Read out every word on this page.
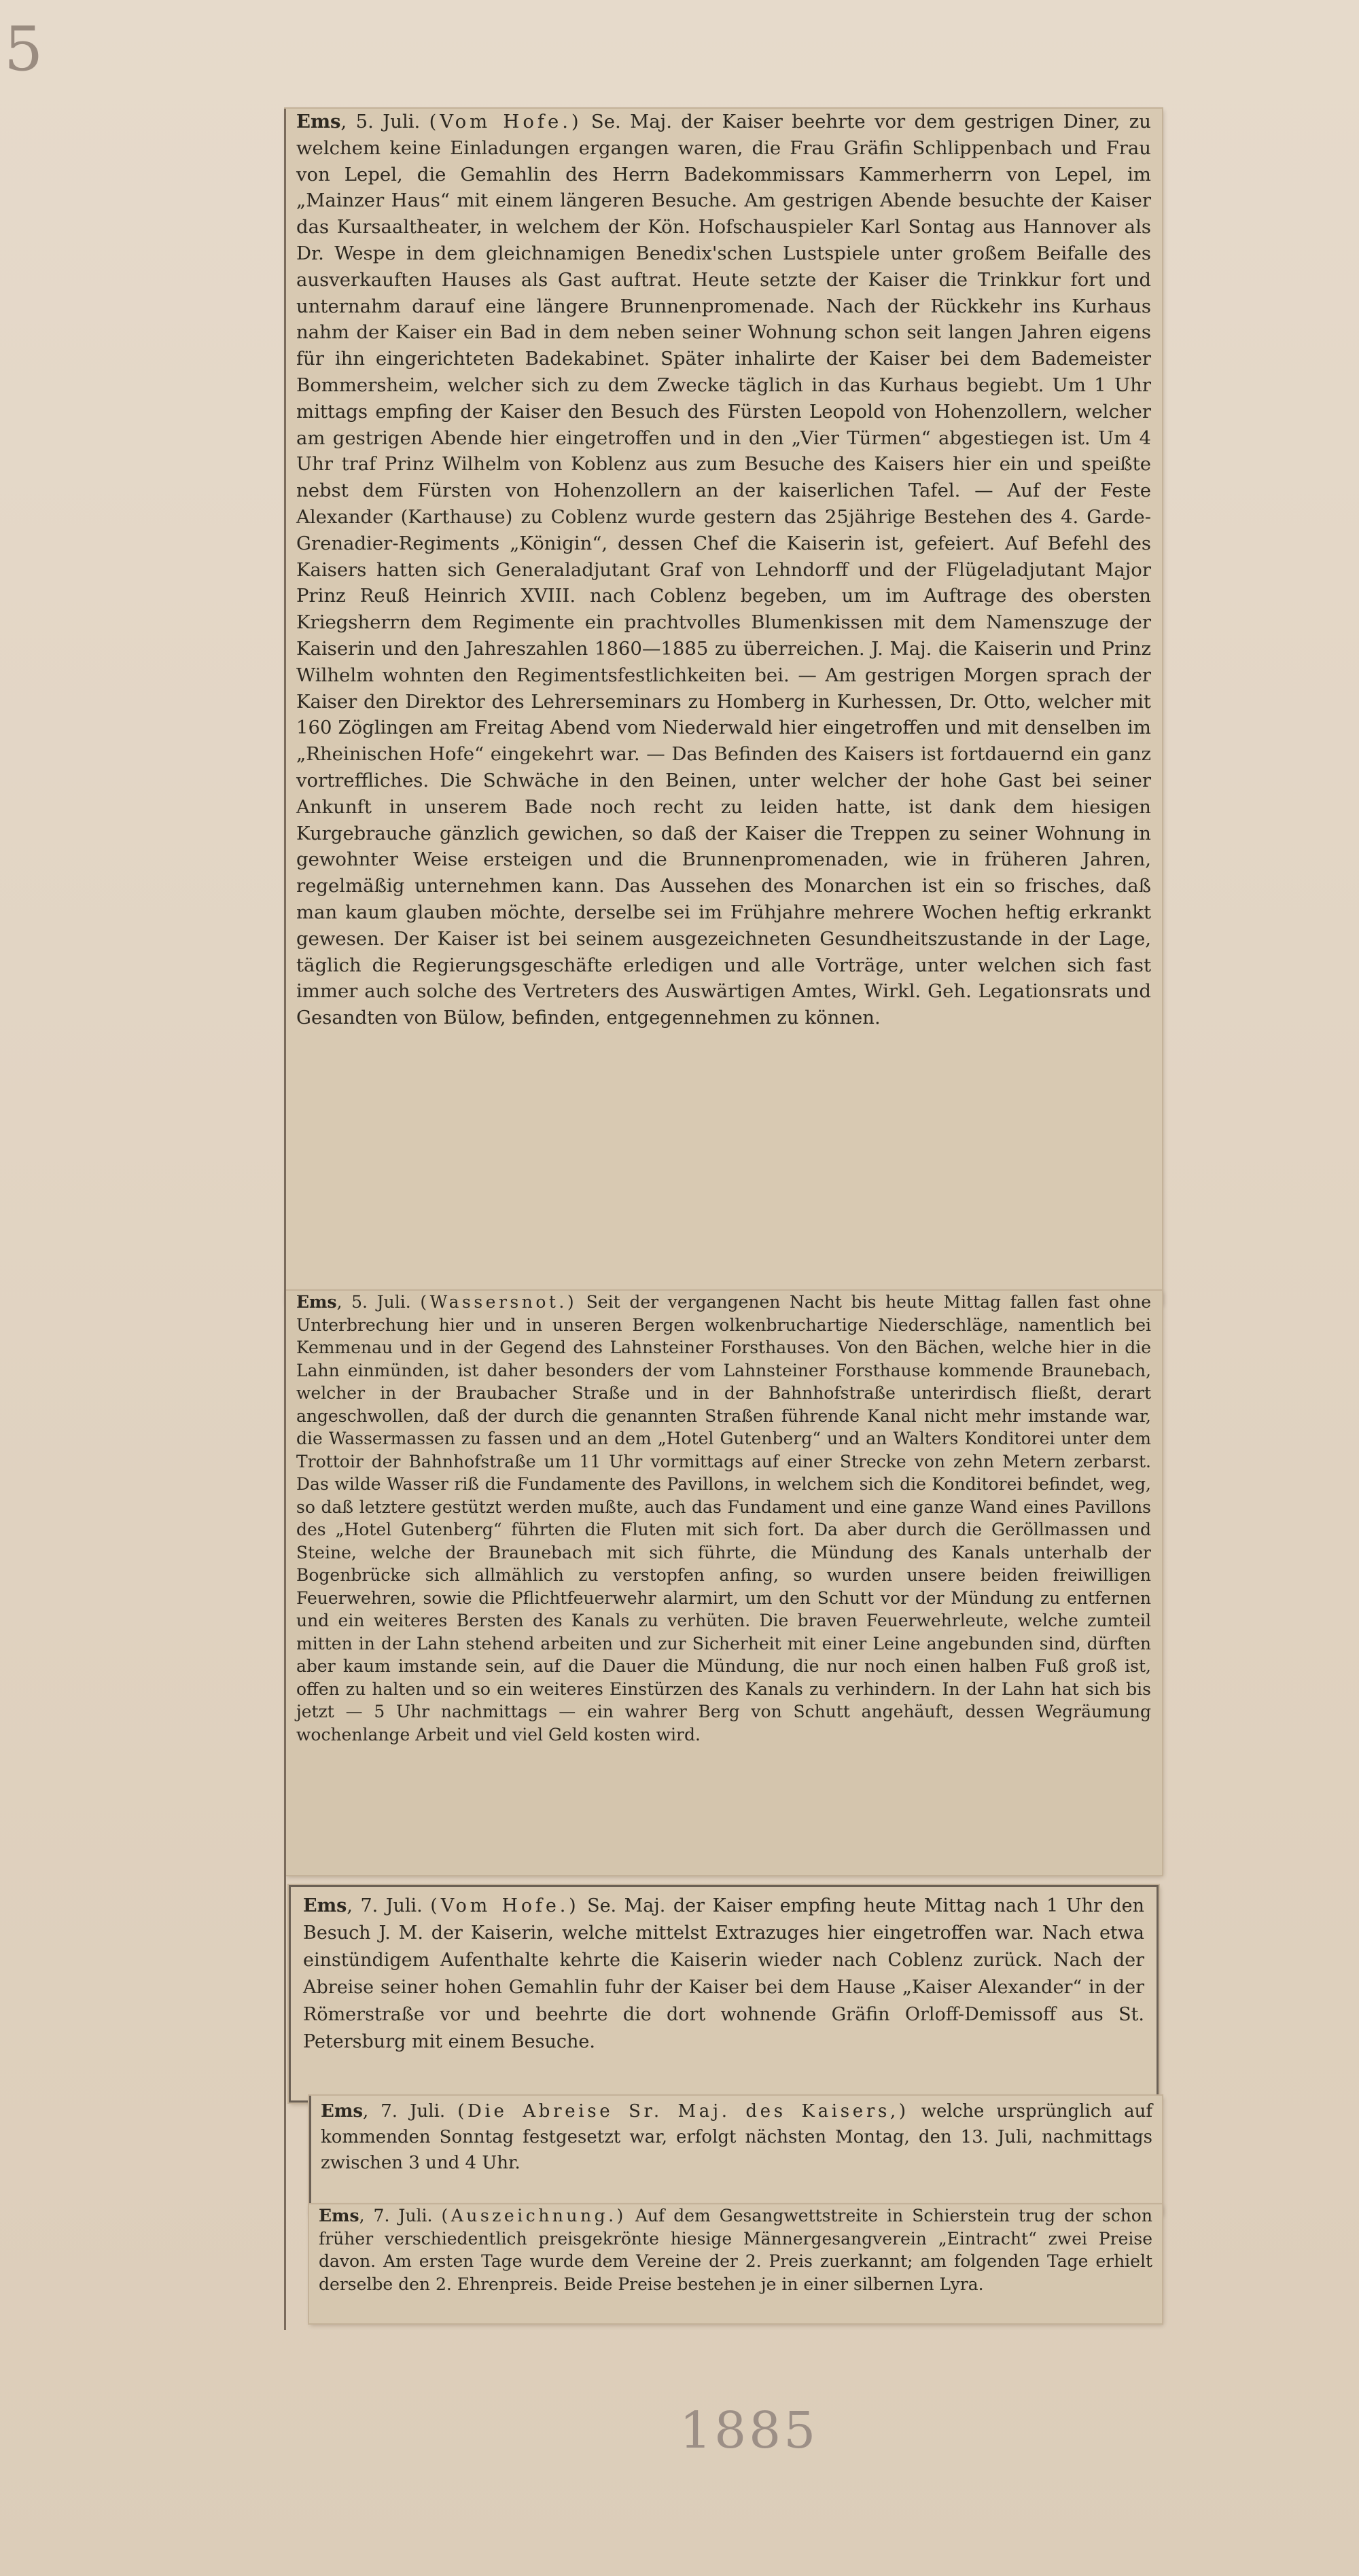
5

Ems, 5. Juli. (Vom Hofe.) Se. Maj. der Kaiser beehrte vor dem gestrigen Diner, zu welchem keine Einladungen ergangen waren, die Frau Gräfin Schlippenbach und Frau von Lepel, die Gemahlin des Herrn Badekommissars Kammerherrn von Lepel, im „Mainzer Haus“ mit einem längeren Besuche. Am gestrigen Abende besuchte der Kaiser das Kursaaltheater, in welchem der Kön. Hofschauspieler Karl Sontag aus Hannover als Dr. Wespe in dem gleichnamigen Benedix'schen Lustspiele unter großem Beifalle des ausverkauften Hauses als Gast auftrat. Heute setzte der Kaiser die Trinkkur fort und unternahm darauf eine längere Brunnenpromenade. Nach der Rückkehr ins Kurhaus nahm der Kaiser ein Bad in dem neben seiner Wohnung schon seit langen Jahren eigens für ihn eingerichteten Badekabinet. Später inhalirte der Kaiser bei dem Bademeister Bommersheim, welcher sich zu dem Zwecke täglich in das Kurhaus begiebt. Um 1 Uhr mittags empfing der Kaiser den Besuch des Fürsten Leopold von Hohenzollern, welcher am gestrigen Abende hier eingetroffen und in den „Vier Türmen“ abgestiegen ist. Um 4 Uhr traf Prinz Wilhelm von Koblenz aus zum Besuche des Kaisers hier ein und speißte nebst dem Fürsten von Hohenzollern an der kaiserlichen Tafel. — Auf der Feste Alexander (Karthause) zu Coblenz wurde gestern das 25jährige Bestehen des 4. Garde-Grenadier-Regiments „Königin“, dessen Chef die Kaiserin ist, gefeiert. Auf Befehl des Kaisers hatten sich Generaladjutant Graf von Lehndorff und der Flügeladjutant Major Prinz Reuß Heinrich XVIII. nach Coblenz begeben, um im Auftrage des obersten Kriegsherrn dem Regimente ein prachtvolles Blumenkissen mit dem Namenszuge der Kaiserin und den Jahreszahlen 1860—1885 zu überreichen. J. Maj. die Kaiserin und Prinz Wilhelm wohnten den Regimentsfestlichkeiten bei. — Am gestrigen Morgen sprach der Kaiser den Direktor des Lehrerseminars zu Homberg in Kurhessen, Dr. Otto, welcher mit 160 Zöglingen am Freitag Abend vom Niederwald hier eingetroffen und mit denselben im „Rheinischen Hofe“ eingekehrt war. — Das Befinden des Kaisers ist fortdauernd ein ganz vortreffliches. Die Schwäche in den Beinen, unter welcher der hohe Gast bei seiner Ankunft in unserem Bade noch recht zu leiden hatte, ist dank dem hiesigen Kurgebrauche gänzlich gewichen, so daß der Kaiser die Treppen zu seiner Wohnung in gewohnter Weise ersteigen und die Brunnenpromenaden, wie in früheren Jahren, regelmäßig unternehmen kann. Das Aussehen des Monarchen ist ein so frisches, daß man kaum glauben möchte, derselbe sei im Frühjahre mehrere Wochen heftig erkrankt gewesen. Der Kaiser ist bei seinem ausgezeichneten Gesundheitszustande in der Lage, täglich die Regierungsgeschäfte erledigen und alle Vorträge, unter welchen sich fast immer auch solche des Vertreters des Auswärtigen Amtes, Wirkl. Geh. Legationsrats und Gesandten von Bülow, befinden, entgegennehmen zu können.

Ems, 5. Juli. (Wassersnot.) Seit der vergangenen Nacht bis heute Mittag fallen fast ohne Unterbrechung hier und in unseren Bergen wolkenbruchartige Niederschläge, namentlich bei Kemmenau und in der Gegend des Lahnsteiner Forsthauses. Von den Bächen, welche hier in die Lahn einmünden, ist daher besonders der vom Lahnsteiner Forsthause kommende Braunebach, welcher in der Braubacher Straße und in der Bahnhofstraße unterirdisch fließt, derart angeschwollen, daß der durch die genannten Straßen führende Kanal nicht mehr imstande war, die Wassermassen zu fassen und an dem „Hotel Gutenberg“ und an Walters Konditorei unter dem Trottoir der Bahnhofstraße um 11 Uhr vormittags auf einer Strecke von zehn Metern zerbarst. Das wilde Wasser riß die Fundamente des Pavillons, in welchem sich die Konditorei befindet, weg, so daß letztere gestützt werden mußte, auch das Fundament und eine ganze Wand eines Pavillons des „Hotel Gutenberg“ führten die Fluten mit sich fort. Da aber durch die Geröllmassen und Steine, welche der Braunebach mit sich führte, die Mündung des Kanals unterhalb der Bogenbrücke sich allmählich zu verstopfen anfing, so wurden unsere beiden freiwilligen Feuerwehren, sowie die Pflichtfeuerwehr alarmirt, um den Schutt vor der Mündung zu entfernen und ein weiteres Bersten des Kanals zu verhüten. Die braven Feuerwehrleute, welche zumteil mitten in der Lahn stehend arbeiten und zur Sicherheit mit einer Leine angebunden sind, dürften aber kaum imstande sein, auf die Dauer die Mündung, die nur noch einen halben Fuß groß ist, offen zu halten und so ein weiteres Einstürzen des Kanals zu verhindern. In der Lahn hat sich bis jetzt — 5 Uhr nachmittags — ein wahrer Berg von Schutt angehäuft, dessen Wegräumung wochenlange Arbeit und viel Geld kosten wird.

Ems, 7. Juli. (Vom Hofe.) Se. Maj. der Kaiser empfing heute Mittag nach 1 Uhr den Besuch J. M. der Kaiserin, welche mittelst Extrazuges hier eingetroffen war. Nach etwa einstündigem Aufenthalte kehrte die Kaiserin wieder nach Coblenz zurück. Nach der Abreise seiner hohen Gemahlin fuhr der Kaiser bei dem Hause „Kaiser Alexander“ in der Römerstraße vor und beehrte die dort wohnende Gräfin Orloff-Demissoff aus St. Petersburg mit einem Besuche.

Ems, 7. Juli. (Die Abreise Sr. Maj. des Kaisers,) welche ursprünglich auf kommenden Sonntag festgesetzt war, erfolgt nächsten Montag, den 13. Juli, nachmittags zwischen 3 und 4 Uhr.

Ems, 7. Juli. (Auszeichnung.) Auf dem Gesangwettstreite in Schierstein trug der schon früher verschiedentlich preisgekrönte hiesige Männergesangverein „Eintracht“ zwei Preise davon. Am ersten Tage wurde dem Vereine der 2. Preis zuerkannt; am folgenden Tage erhielt derselbe den 2. Ehrenpreis. Beide Preise bestehen je in einer silbernen Lyra.

1885
